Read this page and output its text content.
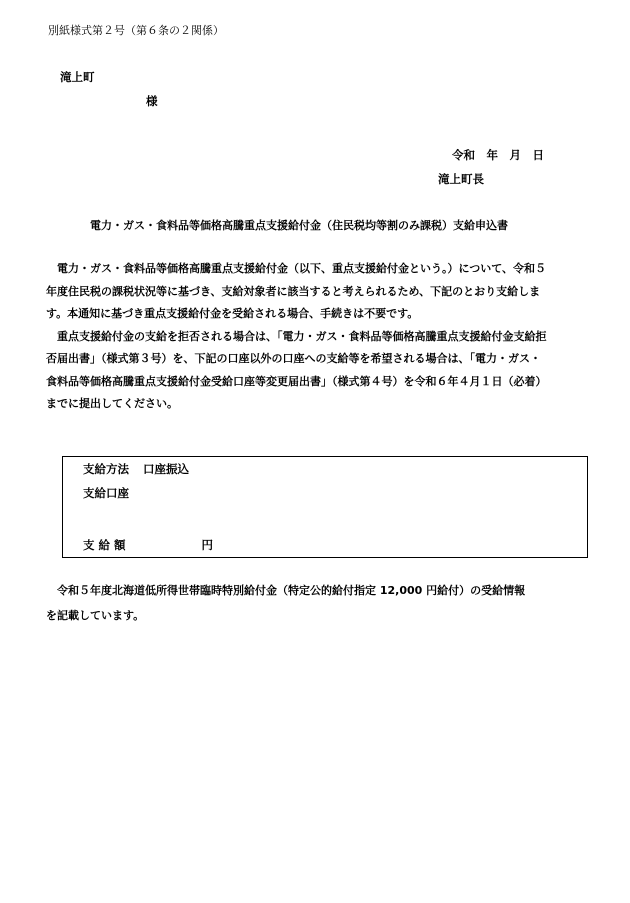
別紙様式第２号（第６条の２関係）
滝上町
様
令和　年　月　日
滝上町長
電力・ガス・食料品等価格高騰重点支援給付金（住民税均等割のみ課税）支給申込書
　電力・ガス・食料品等価格高騰重点支援給付金（以下、重点支援給付金という。）について、令和５
年度住民税の課税状況等に基づき、支給対象者に該当すると考えられるため、下記のとおり支給しま
す。本通知に基づき重点支援給付金を受給される場合、手続きは不要です。
　重点支援給付金の支給を拒否される場合は、「電力・ガス・食料品等価格高騰重点支援給付金支給拒
否届出書」（様式第３号）を、下記の口座以外の口座への支給等を希望される場合は、「電力・ガス・
食料品等価格高騰重点支援給付金受給口座等変更届出書」（様式第４号）を令和６年４月１日（必着）
までに提出してください。
支給方法 口座振込
支給口座
支 給 額	円
　令和５年度北海道低所得世帯臨時特別給付金（特定公的給付指定 12,000 円給付）の受給情報
を記載しています。
